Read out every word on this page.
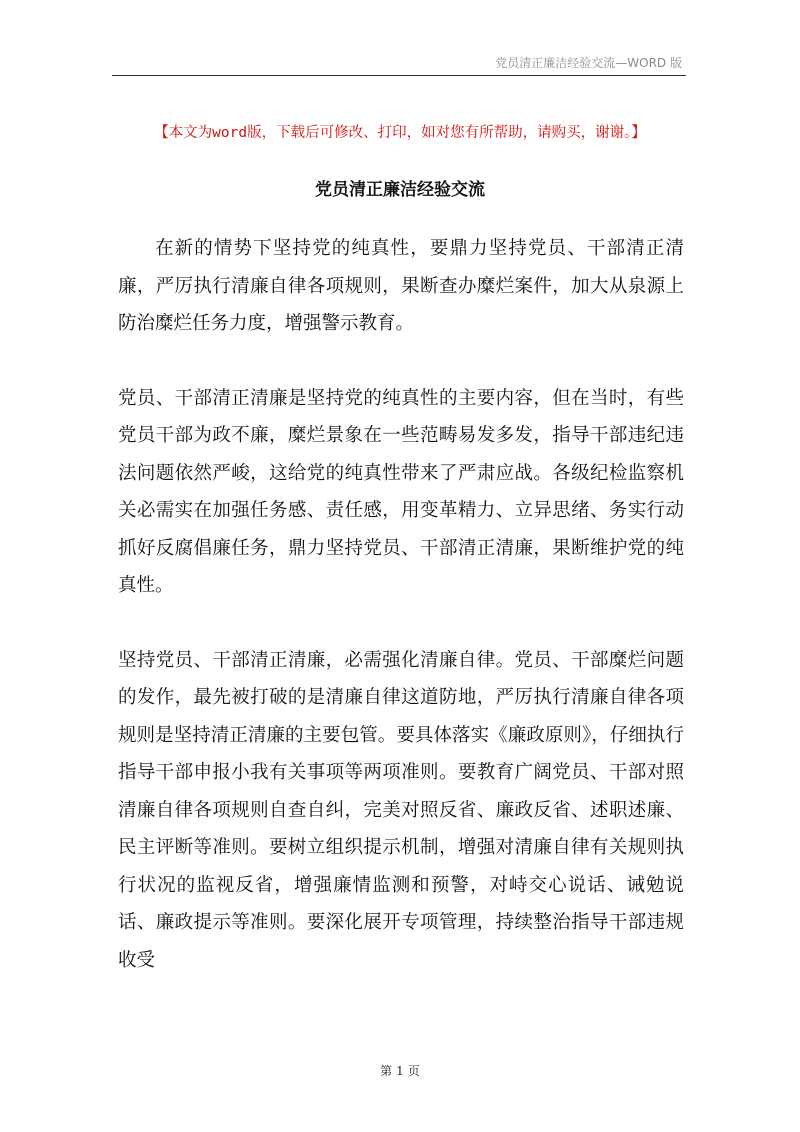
党员清正廉洁经验交流—WORD 版
【本文为word版，下载后可修改、打印，如对您有所帮助，请购买，谢谢。】
党员清正廉洁经验交流

在新的情势下坚持党的纯真性，要鼎力坚持党员、干部清正清廉，严厉执行清廉自律各项规则，果断查办糜烂案件，加大从泉源上防治糜烂任务力度，增强警示教育。

党员、干部清正清廉是坚持党的纯真性的主要内容，但在当时，有些党员干部为政不廉，糜烂景象在一些范畴易发多发，指导干部违纪违法问题依然严峻，这给党的纯真性带来了严肃应战。各级纪检监察机关必需实在加强任务感、责任感，用变革精力、立异思绪、务实行动抓好反腐倡廉任务，鼎力坚持党员、干部清正清廉，果断维护党的纯真性。

坚持党员、干部清正清廉，必需强化清廉自律。党员、干部糜烂问题的发作，最先被打破的是清廉自律这道防地，严厉执行清廉自律各项规则是坚持清正清廉的主要包管。要具体落实《廉政原则》，仔细执行指导干部申报小我有关事项等两项准则。要教育广阔党员、干部对照清廉自律各项规则自查自纠，完美对照反省、廉政反省、述职述廉、民主评断等准则。要树立组织提示机制，增强对清廉自律有关规则执行状况的监视反省，增强廉情监测和预警，对峙交心说话、诫勉说话、廉政提示等准则。要深化展开专项管理，持续整治指导干部违规收受

第 1 页
